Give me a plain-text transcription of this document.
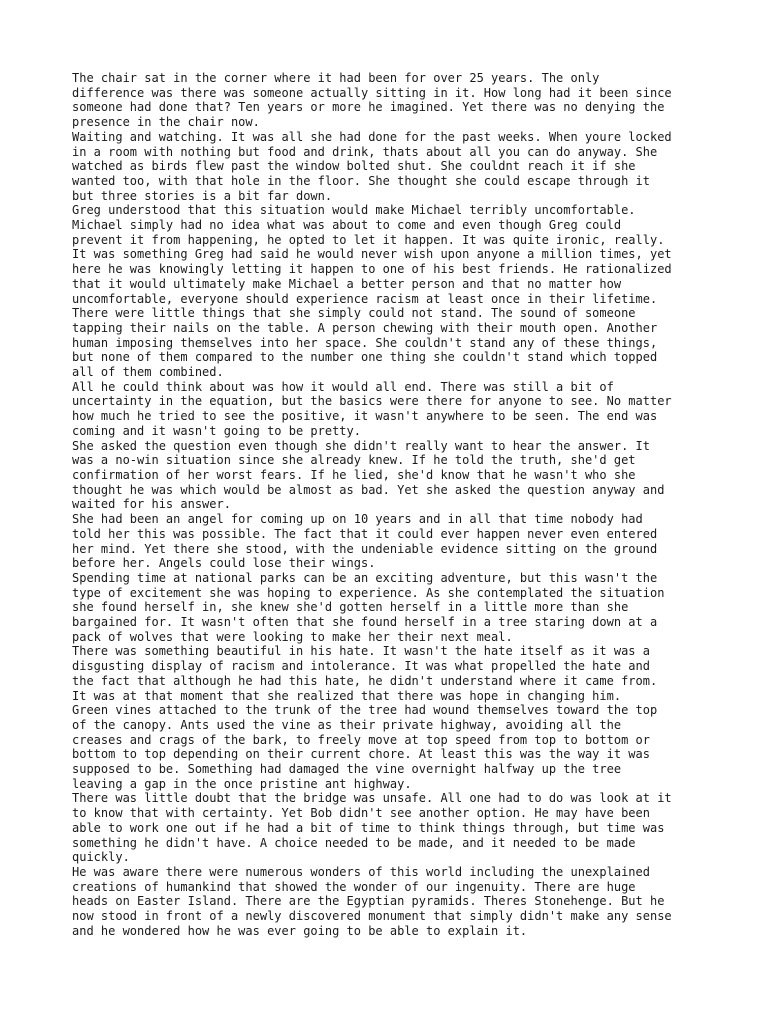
The chair sat in the corner where it had been for over 25 years. The only
difference was there was someone actually sitting in it. How long had it been since
someone had done that? Ten years or more he imagined. Yet there was no denying the
presence in the chair now.

Waiting and watching. It was all she had done for the past weeks. When youre locked
in a room with nothing but food and drink, thats about all you can do anyway. She
watched as birds flew past the window bolted shut. She couldnt reach it if she
wanted too, with that hole in the floor. She thought she could escape through it
but three stories is a bit far down.

Greg understood that this situation would make Michael terribly uncomfortable.
Michael simply had no idea what was about to come and even though Greg could
prevent it from happening, he opted to let it happen. It was quite ironic, really.
It was something Greg had said he would never wish upon anyone a million times, yet
here he was knowingly letting it happen to one of his best friends. He rationalized
that it would ultimately make Michael a better person and that no matter how
uncomfortable, everyone should experience racism at least once in their lifetime.

There were little things that she simply could not stand. The sound of someone
tapping their nails on the table. A person chewing with their mouth open. Another
human imposing themselves into her space. She couldn't stand any of these things,
but none of them compared to the number one thing she couldn't stand which topped
all of them combined.

All he could think about was how it would all end. There was still a bit of
uncertainty in the equation, but the basics were there for anyone to see. No matter
how much he tried to see the positive, it wasn't anywhere to be seen. The end was
coming and it wasn't going to be pretty.

She asked the question even though she didn't really want to hear the answer. It
was a no-win situation since she already knew. If he told the truth, she'd get
confirmation of her worst fears. If he lied, she'd know that he wasn't who she
thought he was which would be almost as bad. Yet she asked the question anyway and
waited for his answer.

She had been an angel for coming up on 10 years and in all that time nobody had
told her this was possible. The fact that it could ever happen never even entered
her mind. Yet there she stood, with the undeniable evidence sitting on the ground
before her. Angels could lose their wings.

Spending time at national parks can be an exciting adventure, but this wasn't the
type of excitement she was hoping to experience. As she contemplated the situation
she found herself in, she knew she'd gotten herself in a little more than she
bargained for. It wasn't often that she found herself in a tree staring down at a
pack of wolves that were looking to make her their next meal.

There was something beautiful in his hate. It wasn't the hate itself as it was a
disgusting display of racism and intolerance. It was what propelled the hate and
the fact that although he had this hate, he didn't understand where it came from.
It was at that moment that she realized that there was hope in changing him.

Green vines attached to the trunk of the tree had wound themselves toward the top
of the canopy. Ants used the vine as their private highway, avoiding all the
creases and crags of the bark, to freely move at top speed from top to bottom or
bottom to top depending on their current chore. At least this was the way it was
supposed to be. Something had damaged the vine overnight halfway up the tree
leaving a gap in the once pristine ant highway.

There was little doubt that the bridge was unsafe. All one had to do was look at it
to know that with certainty. Yet Bob didn't see another option. He may have been
able to work one out if he had a bit of time to think things through, but time was
something he didn't have. A choice needed to be made, and it needed to be made
quickly.

He was aware there were numerous wonders of this world including the unexplained
creations of humankind that showed the wonder of our ingenuity. There are huge
heads on Easter Island. There are the Egyptian pyramids. Theres Stonehenge. But he
now stood in front of a newly discovered monument that simply didn't make any sense
and he wondered how he was ever going to be able to explain it.
